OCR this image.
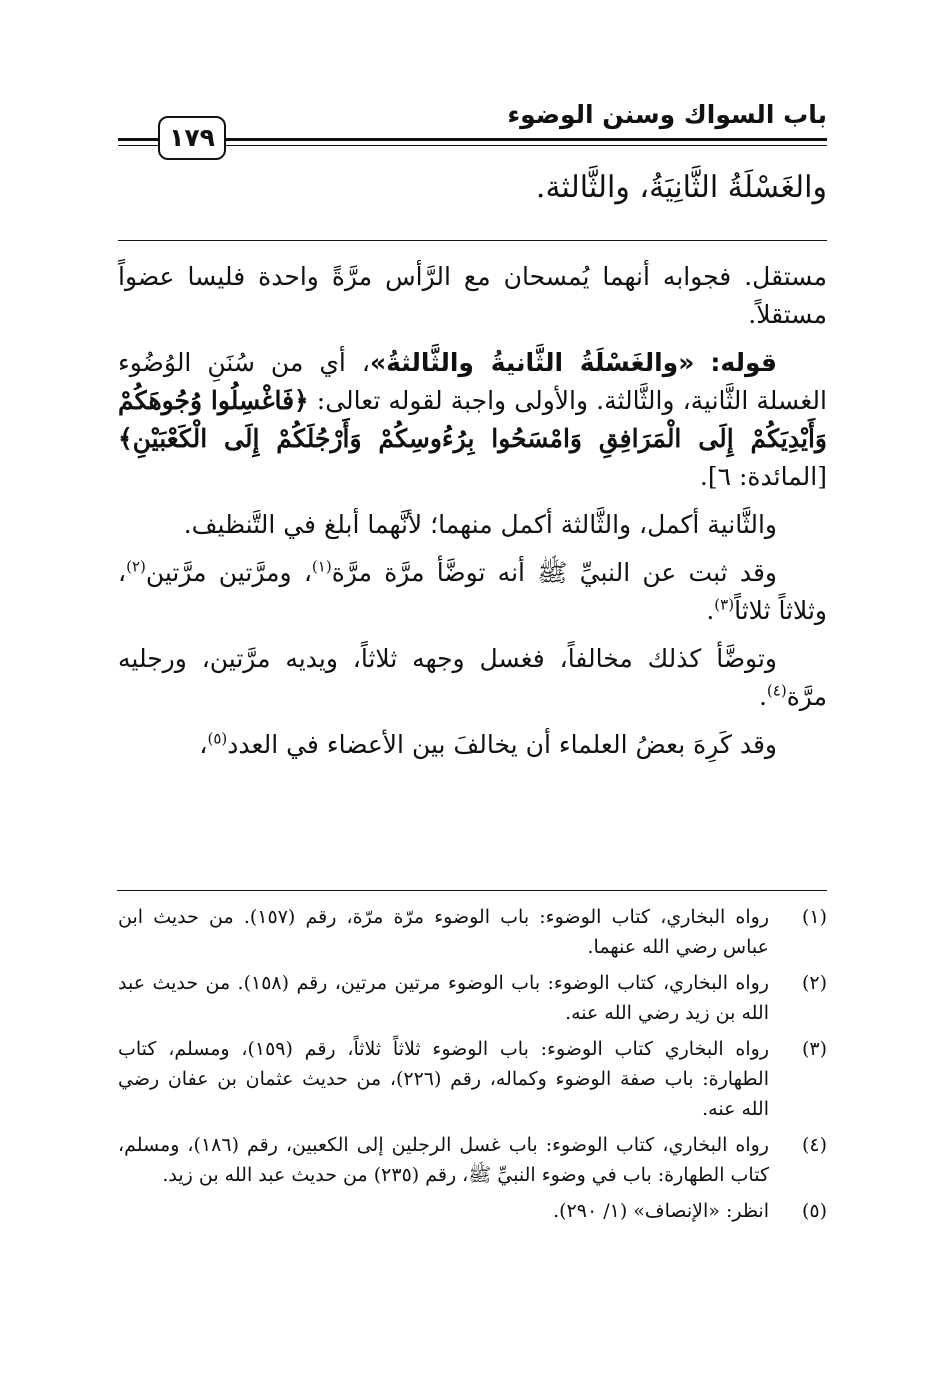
باب السواك وسنن الوضوء
١٧٩
والغَسْلَةُ الثَّانِيَةُ، والثَّالثة.

مستقل. فجوابه أنهما يُمسحان مع الرَّأس مرَّةً واحدة فليسا عضواً مستقلاً.

قوله: «والغَسْلَةُ الثَّانيةُ والثَّالثةُ»، أي من سُنَنِ الوُضُوء الغسلة الثَّانية، والثَّالثة. والأولى واجبة لقوله تعالى: ﴿فَاغْسِلُوا وُجُوهَكُمْ وَأَيْدِيَكُمْ إِلَى الْمَرَافِقِ وَامْسَحُوا بِرُءُوسِكُمْ وَأَرْجُلَكُمْ إِلَى الْكَعْبَيْنِ﴾ [المائدة: ٦].

والثَّانية أكمل، والثَّالثة أكمل منهما؛ لأنَّهما أبلغ في التَّنظيف.

وقد ثبت عن النبيِّ ﷺ أنه توضَّأ مرَّة مرَّة$^{(١)}$، ومرَّتين مرَّتين$^{(٢)}$، وثلاثاً ثلاثاً$^{(٣)}$.

وتوضَّأ كذلك مخالفاً، فغسل وجهه ثلاثاً، ويديه مرَّتين، ورجليه مرَّة$^{(٤)}$.

وقد كَرِهَ بعضُ العلماء أن يخالفَ بين الأعضاء في العدد$^{(٥)}$،

(١)
رواه البخاري، كتاب الوضوء: باب الوضوء مرّة مرّة، رقم (١٥٧). من حديث ابن عباس رضي الله عنهما.
(٢)
رواه البخاري، كتاب الوضوء: باب الوضوء مرتين مرتين، رقم (١٥٨). من حديث عبد الله بن زيد رضي الله عنه.
(٣)
رواه البخاري كتاب الوضوء: باب الوضوء ثلاثاً ثلاثاً، رقم (١٥٩)، ومسلم، كتاب الطهارة: باب صفة الوضوء وكماله، رقم (٢٢٦)، من حديث عثمان بن عفان رضي الله عنه.
(٤)
رواه البخاري، كتاب الوضوء: باب غسل الرجلين إلى الكعبين، رقم (١٨٦)، ومسلم، كتاب الطهارة: باب في وضوء النبيِّ ﷺ، رقم (٢٣٥) من حديث عبد الله بن زيد.
(٥)
انظر: «الإنصاف» (١/ ٢٩٠).
